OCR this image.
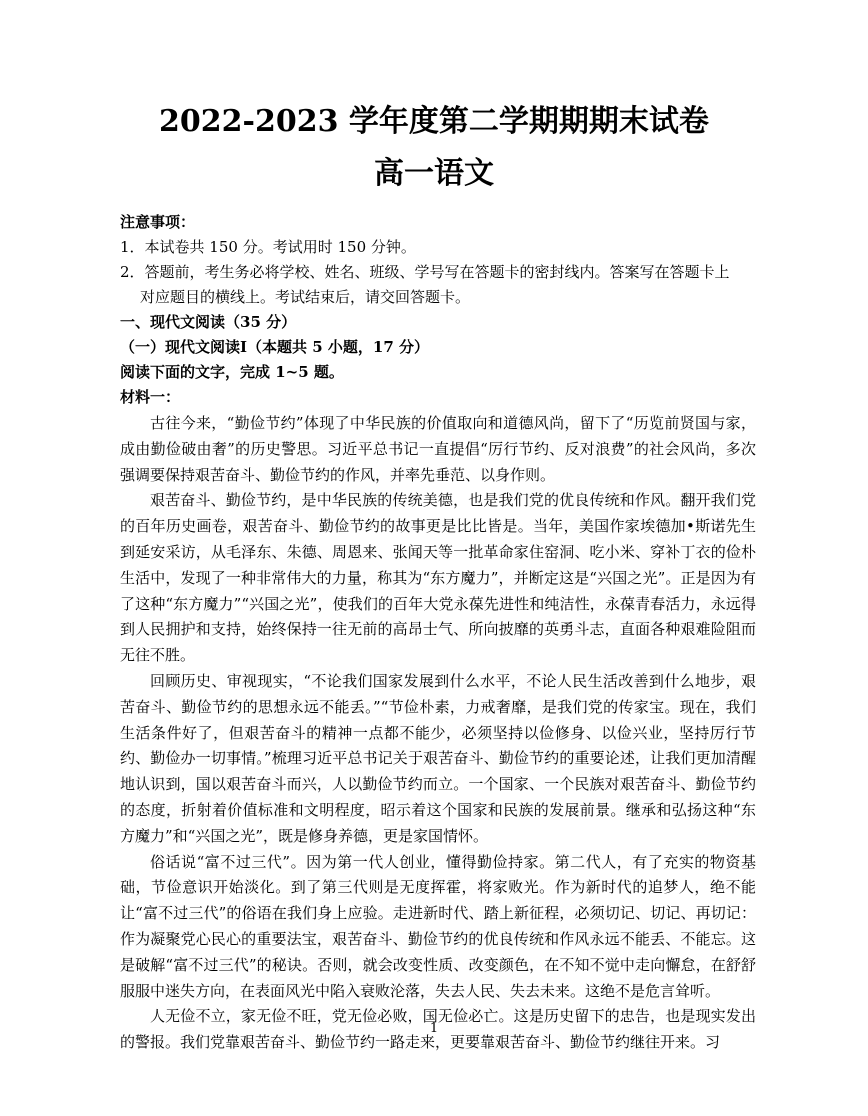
2022-2023 学年度第二学期期期末试卷
高一语文
注意事项：
1．本试卷共 150 分。考试用时 150 分钟。
2．答题前，考生务必将学校、姓名、班级、学号写在答题卡的密封线内。答案写在答题卡上
对应题目的横线上。考试结束后，请交回答题卡。
一、现代文阅读（35 分）
（一）现代文阅读Ⅰ（本题共 5 小题，17 分）
阅读下面的文字，完成 1~5 题。
材料一：

古往今来，“勤俭节约”体现了中华民族的价值取向和道德风尚，留下了“历览前贤国与家，成由勤俭破由奢”的历史警思。习近平总书记一直提倡“厉行节约、反对浪费”的社会风尚，多次强调要保持艰苦奋斗、勤俭节约的作风，并率先垂范、以身作则。

艰苦奋斗、勤俭节约，是中华民族的传统美德，也是我们党的优良传统和作风。翻开我们党的百年历史画卷，艰苦奋斗、勤俭节约的故事更是比比皆是。当年，美国作家埃德加•斯诺先生到延安采访，从毛泽东、朱德、周恩来、张闻天等一批革命家住窑洞、吃小米、穿补丁衣的俭朴生活中，发现了一种非常伟大的力量，称其为“东方魔力”，并断定这是“兴国之光”。正是因为有了这种“东方魔力”“兴国之光”，使我们的百年大党永葆先进性和纯洁性，永葆青春活力，永远得到人民拥护和支持，始终保持一往无前的高昂士气、所向披靡的英勇斗志，直面各种艰难险阻而无往不胜。

回顾历史、审视现实，“不论我们国家发展到什么水平，不论人民生活改善到什么地步，艰苦奋斗、勤俭节约的思想永远不能丢。”“节俭朴素，力戒奢靡，是我们党的传家宝。现在，我们生活条件好了，但艰苦奋斗的精神一点都不能少，必须坚持以俭修身、以俭兴业，坚持厉行节约、勤俭办一切事情。”梳理习近平总书记关于艰苦奋斗、勤俭节约的重要论述，让我们更加清醒地认识到，国以艰苦奋斗而兴，人以勤俭节约而立。一个国家、一个民族对艰苦奋斗、勤俭节约的态度，折射着价值标准和文明程度，昭示着这个国家和民族的发展前景。继承和弘扬这种“东方魔力”和“兴国之光”，既是修身养德，更是家国情怀。

俗话说“富不过三代”。因为第一代人创业，懂得勤俭持家。第二代人，有了充实的物资基础，节俭意识开始淡化。到了第三代则是无度挥霍，将家败光。作为新时代的追梦人，绝不能让“富不过三代”的俗语在我们身上应验。走进新时代、踏上新征程，必须切记、切记、再切记：作为凝聚党心民心的重要法宝，艰苦奋斗、勤俭节约的优良传统和作风永远不能丢、不能忘。这是破解“富不过三代”的秘诀。否则，就会改变性质、改变颜色，在不知不觉中走向懈怠，在舒舒服服中迷失方向，在表面风光中陷入衰败沦落，失去人民、失去未来。这绝不是危言耸听。

人无俭不立，家无俭不旺，党无俭必败，国无俭必亡。这是历史留下的忠告，也是现实发出的警报。我们党靠艰苦奋斗、勤俭节约一路走来，更要靠艰苦奋斗、勤俭节约继往开来。习

1
